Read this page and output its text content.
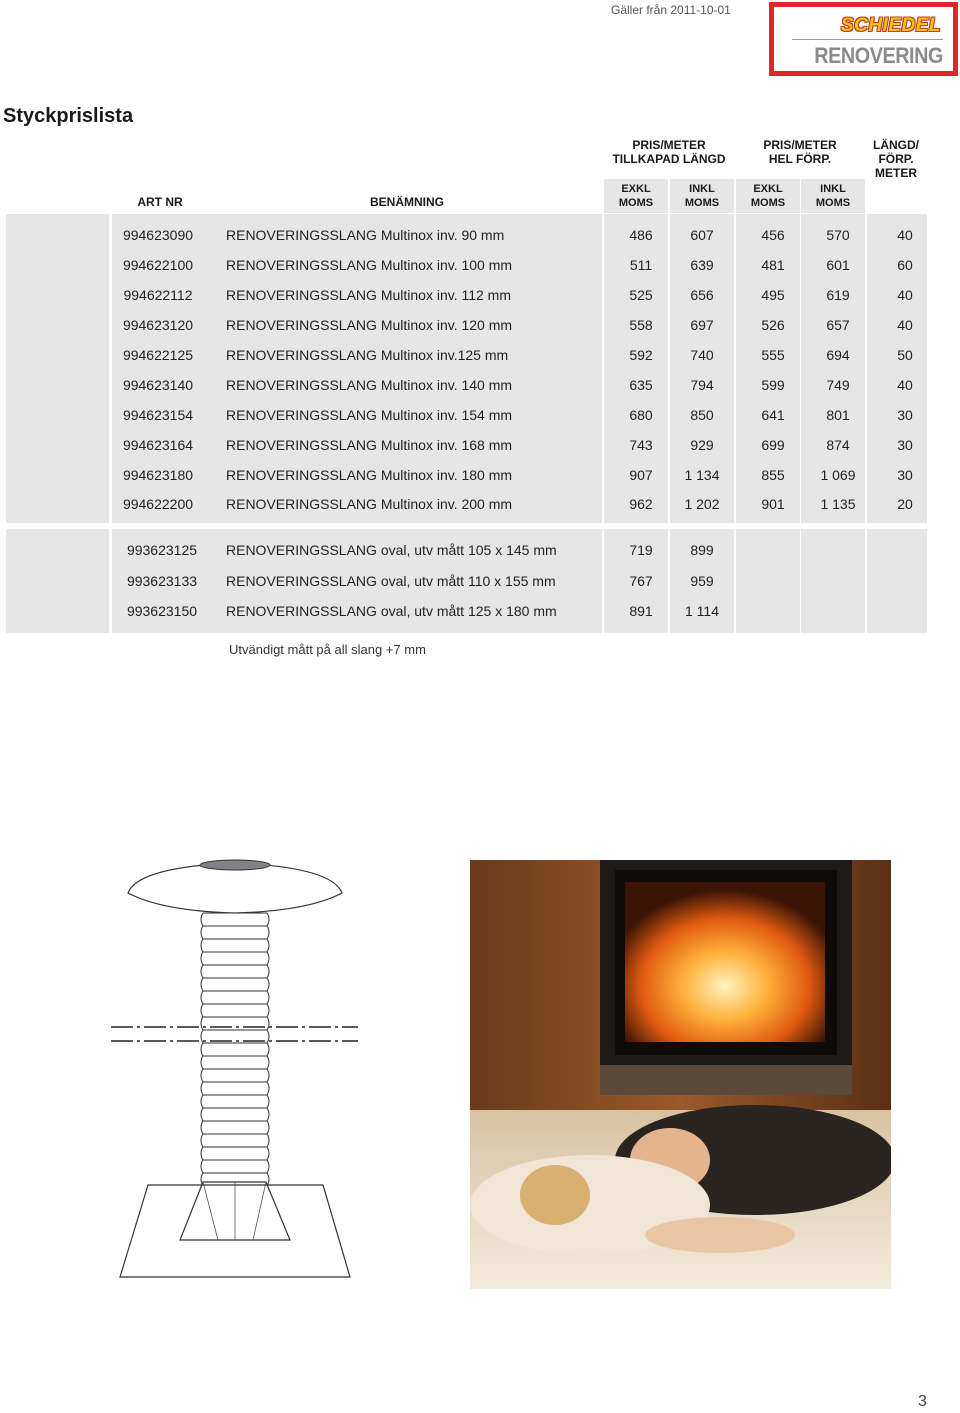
Gäller från 2011-10-01
SCHIEDEL
RENOVERING
Styckprislista
ART NR	BENÄMNING
PRIS/METER
TILLKAPAD LÄNGD
PRIS/METER
HEL FÖRP.
LÄNGD/
FÖRP.
METER
EXKL
MOMS
INKL
MOMS
EXKL
MOMS
INKL
MOMS
994623090	RENOVERINGSSLANG Multinox inv. 90 mm	486	607	456	570	40
994622100	RENOVERINGSSLANG Multinox inv. 100 mm	511	639	481	601	60
994622112	RENOVERINGSSLANG Multinox inv. 112 mm	525	656	495	619	40
994623120	RENOVERINGSSLANG Multinox inv. 120 mm	558	697	526	657	40
994622125	RENOVERINGSSLANG Multinox inv.125 mm	592	740	555	694	50
994623140	RENOVERINGSSLANG Multinox inv. 140 mm	635	794	599	749	40
994623154	RENOVERINGSSLANG Multinox inv. 154 mm	680	850	641	801	30
994623164	RENOVERINGSSLANG Multinox inv. 168 mm	743	929	699	874	30
994623180	RENOVERINGSSLANG Multinox inv. 180 mm	907	1 134	855	1 069	30
994622200	RENOVERINGSSLANG Multinox inv. 200 mm	962	1 202	901	1 135	20
993623125	RENOVERINGSSLANG oval, utv mått 105 x 145 mm	719	899
993623133	RENOVERINGSSLANG oval, utv mått 110 x 155 mm	767	959
993623150	RENOVERINGSSLANG oval, utv mått 125 x 180 mm	891	1 114
Utvändigt mått på all slang +7 mm
3
